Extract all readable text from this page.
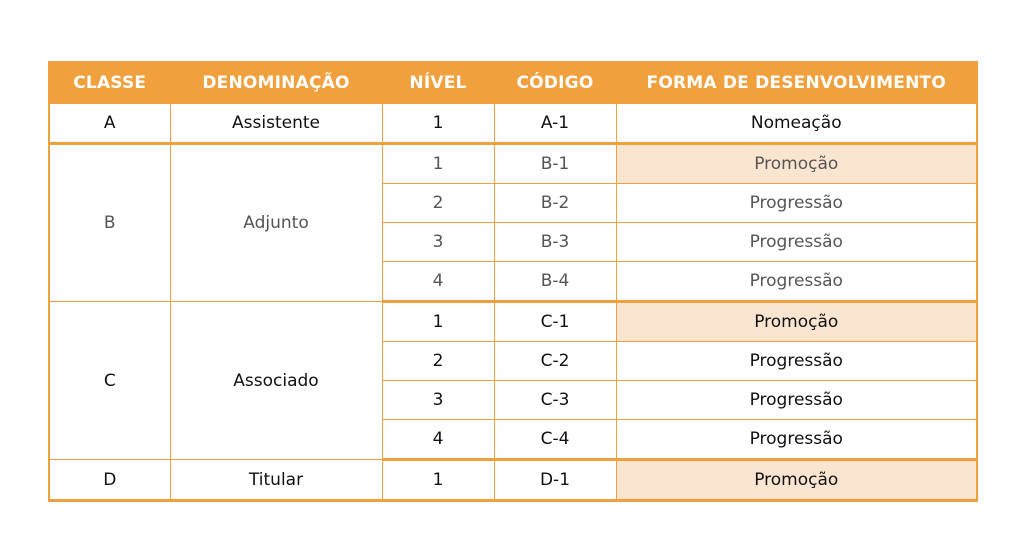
CLASSE	DENOMINAÇÃO	NÍVEL	CÓDIGO	FORMA DE DESENVOLVIMENTO
A	Assistente	1	A-1	Nomeação
B	Adjunto	1	B-1	Promoção
		2	B-2	Progressão
		3	B-3	Progressão
		4	B-4	Progressão
C	Associado	1	C-1	Promoção
		2	C-2	Progressão
		3	C-3	Progressão
		4	C-4	Progressão
D	Titular	1	D-1	Promoção
